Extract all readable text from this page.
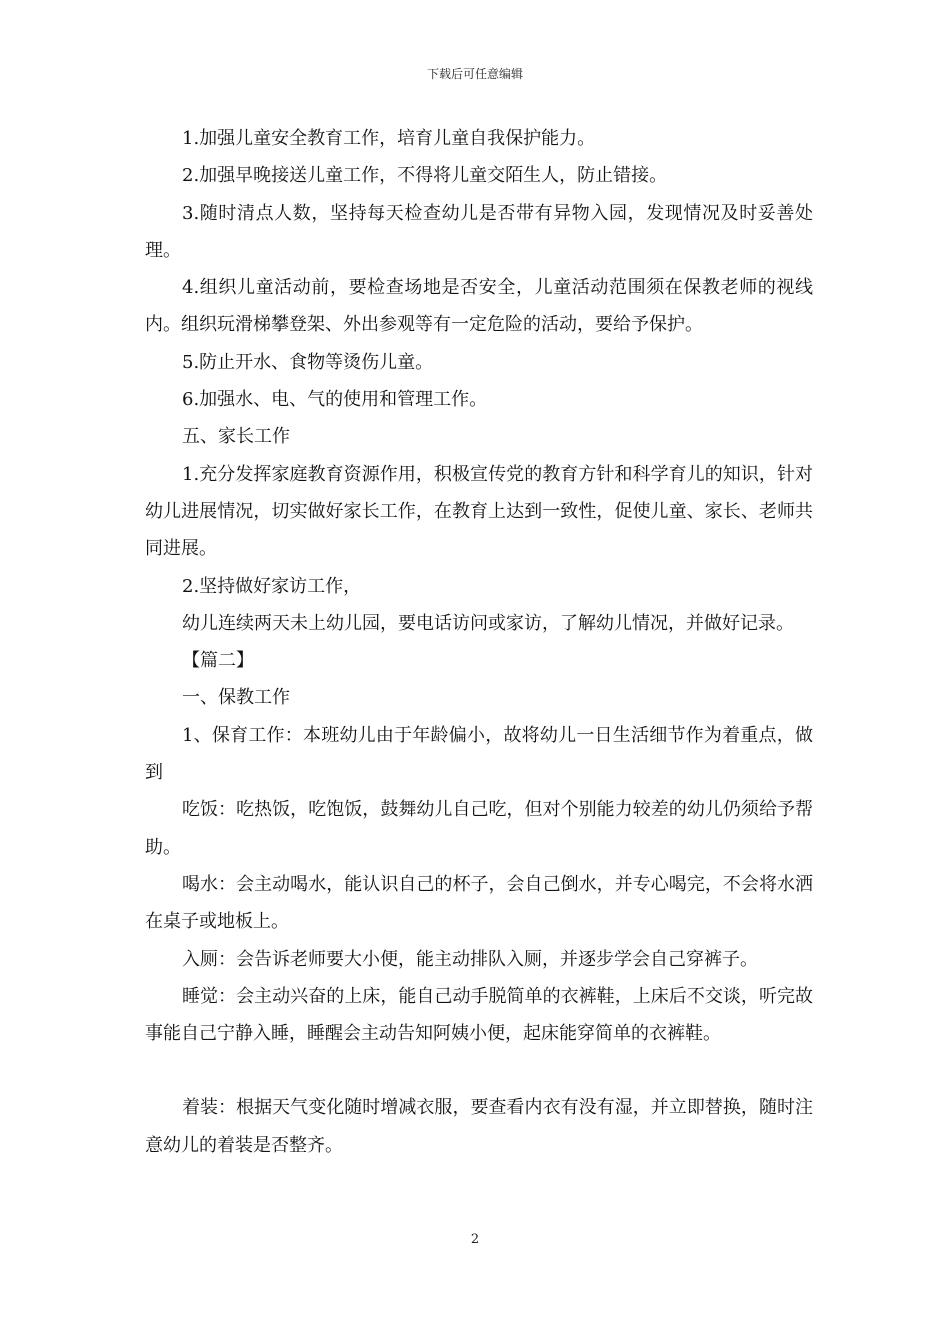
下载后可任意编辑

1.加强儿童安全教育工作，培育儿童自我保护能力。

2.加强早晚接送儿童工作，不得将儿童交陌生人，防止错接。

3.随时清点人数，坚持每天检查幼儿是否带有异物入园，发现情况及时妥善处理。

4.组织儿童活动前，要检查场地是否安全，儿童活动范围须在保教老师的视线内。组织玩滑梯攀登架、外出参观等有一定危险的活动，要给予保护。

5.防止开水、食物等烫伤儿童。

6.加强水、电、气的使用和管理工作。

五、家长工作

1.充分发挥家庭教育资源作用，积极宣传党的教育方针和科学育儿的知识，针对幼儿进展情况，切实做好家长工作，在教育上达到一致性，促使儿童、家长、老师共同进展。

2.坚持做好家访工作，

幼儿连续两天未上幼儿园，要电话访问或家访，了解幼儿情况，并做好记录。

【篇二】

一、保教工作

1、保育工作：本班幼儿由于年龄偏小，故将幼儿一日生活细节作为着重点，做到

吃饭：吃热饭，吃饱饭，鼓舞幼儿自己吃，但对个别能力较差的幼儿仍须给予帮助。

喝水：会主动喝水，能认识自己的杯子，会自己倒水，并专心喝完，不会将水洒在桌子或地板上。

入厕：会告诉老师要大小便，能主动排队入厕，并逐步学会自己穿裤子。

睡觉：会主动兴奋的上床，能自己动手脱简单的衣裤鞋，上床后不交谈，听完故事能自己宁静入睡，睡醒会主动告知阿姨小便，起床能穿简单的衣裤鞋。

着装：根据天气变化随时增减衣服，要查看内衣有没有湿，并立即替换，随时注意幼儿的着装是否整齐。

2
